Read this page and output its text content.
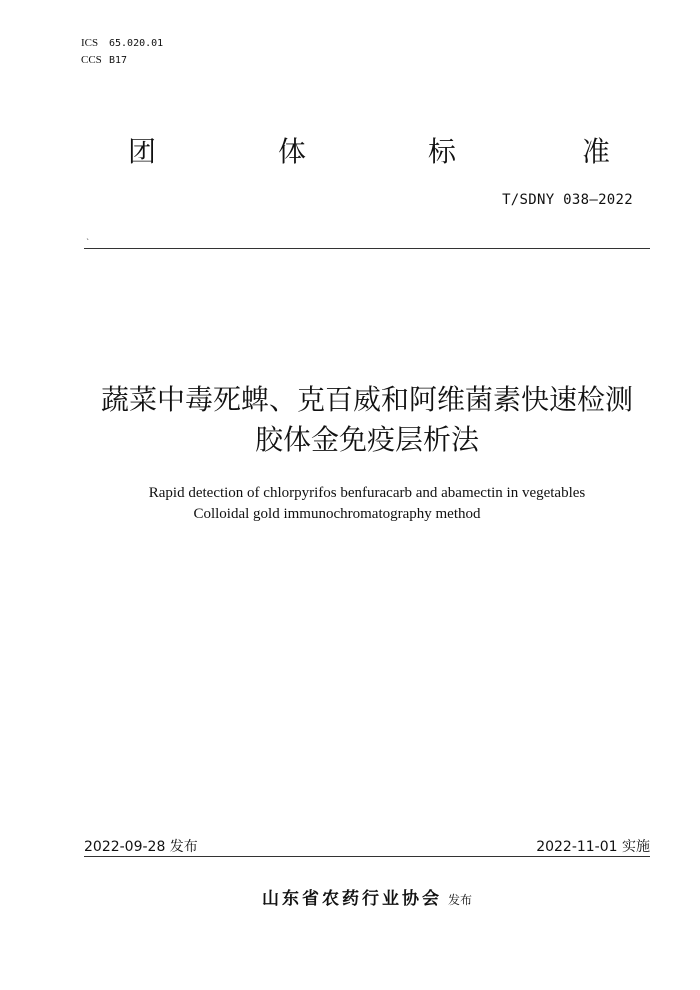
ICS 65.020.01
CCS B17
团	体	标	准
T/SDNY 038—2022
`
蔬菜中毒死蜱、克百威和阿维菌素快速检测
胶体金免疫层析法
Rapid detection of chlorpyrifos benfuracarb and abamectin in vegetables
Colloidal gold immunochromatography method
2022-09-28 发布	2022-11-01 实施
山东省农药行业协会 发布
